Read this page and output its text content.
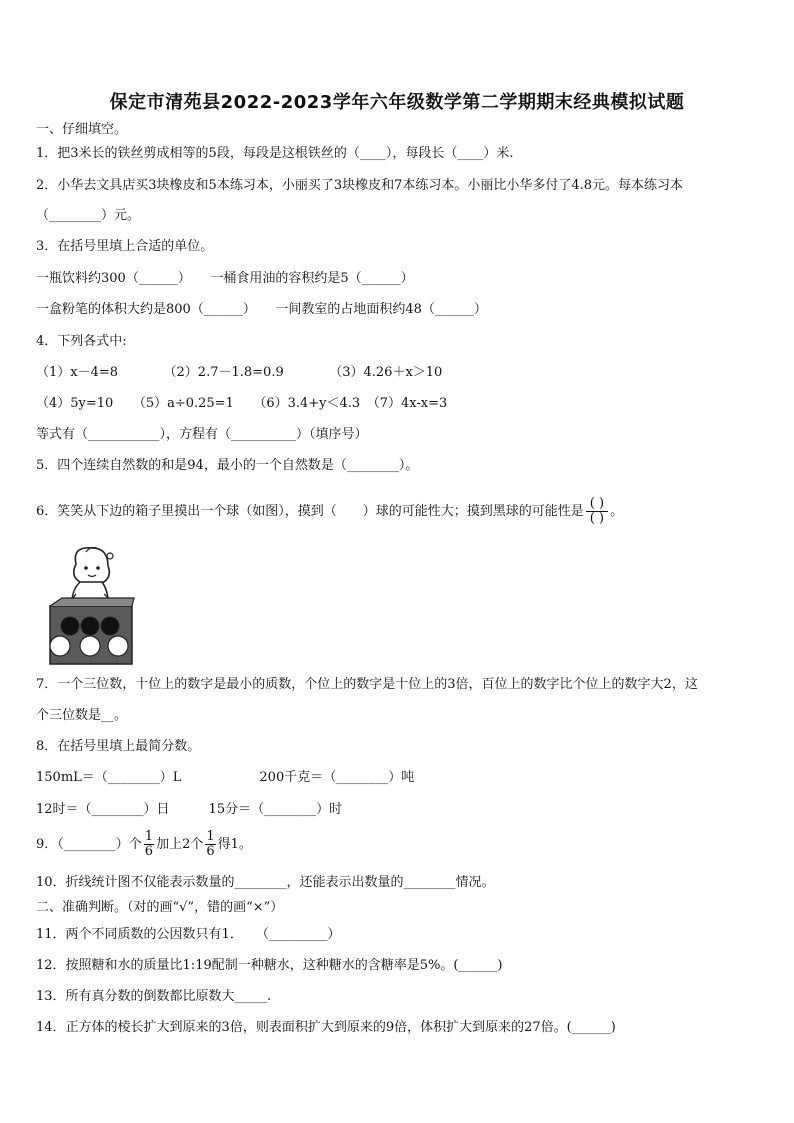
保定市清苑县2022-2023学年六年级数学第二学期期末经典模拟试题
一、仔细填空。
1．把3米长的铁丝剪成相等的5段，每段是这根铁丝的（____），每段长（____）米.
2．小华去文具店买3块橡皮和5本练习本，小丽买了3块橡皮和7本练习本。小丽比小华多付了4.8元。每本练习本
（________）元。
3．在括号里填上合适的单位。
一瓶饮料约300（______）　　一桶食用油的容积约是5（______）
一盒粉笔的体积大约是800（______）　　一间教室的占地面积约48（______）
4．下列各式中:
（1）x－4=8　　　　（2）2.7－1.8=0.9　　　　（3）4.26＋x＞10
（4）5y=10　　（5）a÷0.25=1　　（6）3.4+y＜4.3　（7）4x-x=3
等式有（___________），方程有（__________）（填序号）
5．四个连续自然数的和是94，最小的一个自然数是（________）。
6．笑笑从下边的箱子里摸出一个球（如图），摸到（　　）球的可能性大；摸到黑球的可能性是 $\frac{( )}{( )}$ 。
7．一个三位数，十位上的数字是最小的质数，个位上的数字是十位上的3倍，百位上的数字比个位上的数字大2，这
个三位数是__。
8．在括号里填上最简分数。
150mL＝（________）L　　　　　　200千克＝（________）吨
12时＝（________）日　　　15分＝（________）时
9．（________）个 $\frac{1}{6}$ 加上2个 $\frac{1}{6}$ 得1。
10．折线统计图不仅能表示数量的________，还能表示出数量的________情况。
二、准确判断。（对的画“√”，错的画“×”）
11．两个不同质数的公因数只有1．　　（_________）
12．按照糖和水的质量比1:19配制一种糖水，这种糖水的含糖率是5%。(______)
13．所有真分数的倒数都比原数大_____.
14．正方体的棱长扩大到原来的3倍，则表面积扩大到原来的9倍，体积扩大到原来的27倍。(______)
